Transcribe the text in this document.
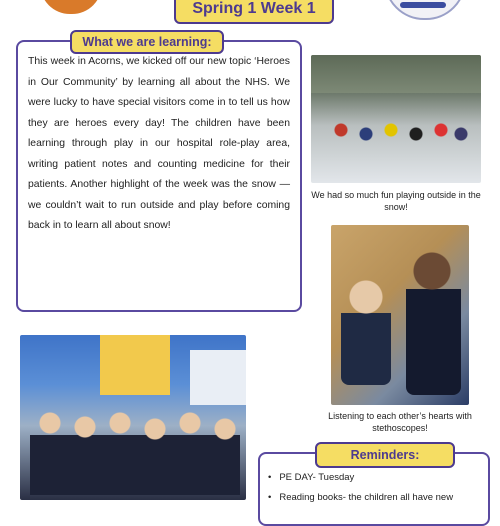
Spring 1 Week 1
What we are learning:
This week in Acorns, we kicked off our new topic ‘Heroes in Our Community’ by learning all about the NHS. We were lucky to have special visitors come in to tell us how they are heroes every day! The children have been learning through play in our hospital role-play area, writing patient notes and counting medicine for their patients. Another highlight of the week was the snow — we couldn’t wait to run outside and play before coming back in to learn all about snow!
We had so much fun playing outside in the snow!
Listening to each other’s hearts with stethoscopes!
Reminders:
• PE DAY- Tuesday
• Reading books- the children all have new
